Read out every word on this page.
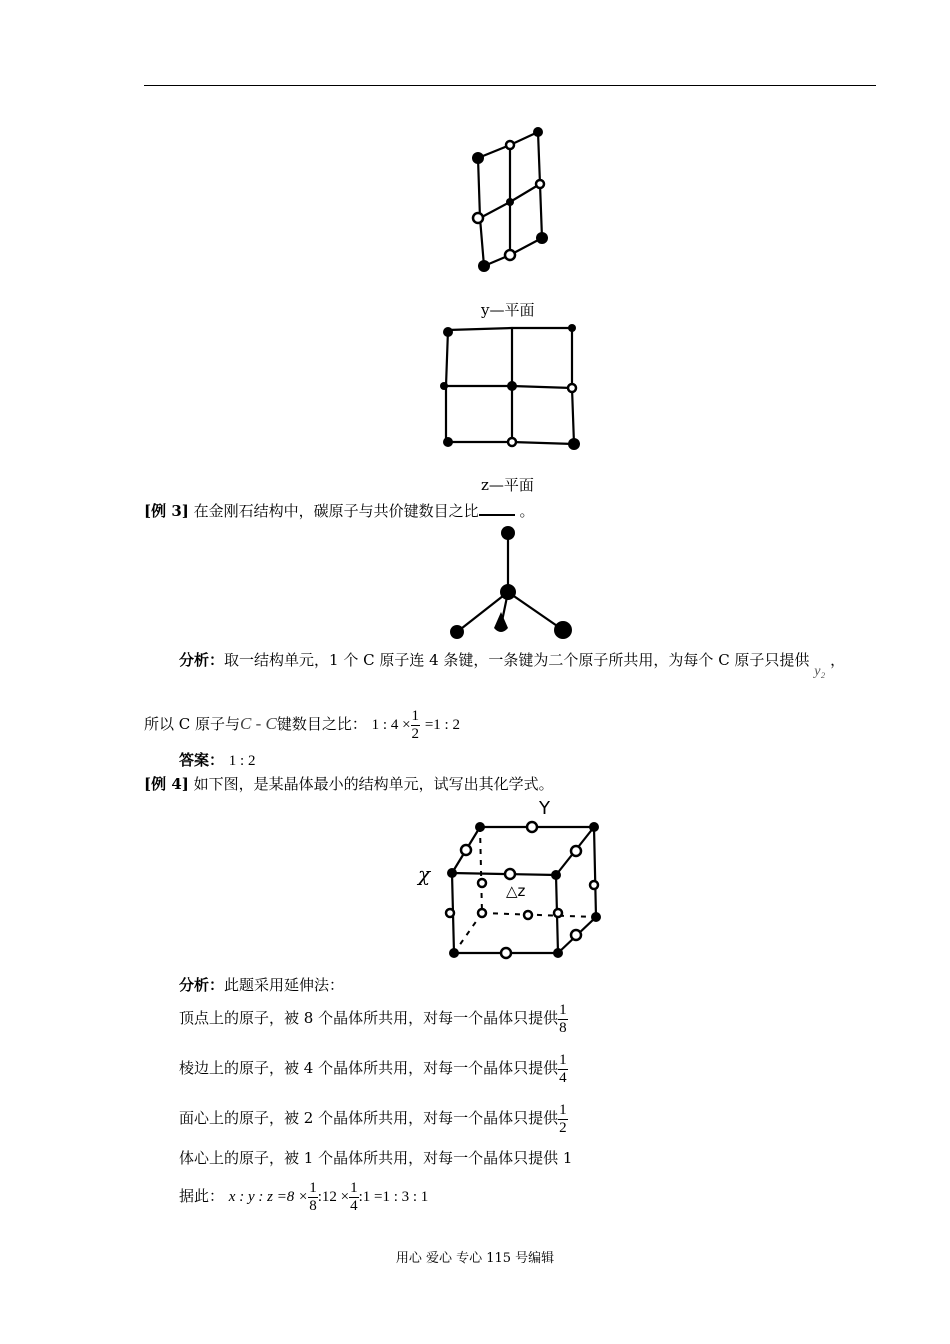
y—平面
z—平面
[例 3] 在金刚石结构中，碳原子与共价键数目之比	。
分析：取一结构单元，1 个 C 原子连 4 条键，一条键为二个原子所共用，为每个 C 原子只提供 y₂ ，
所以 C 原子与C - C键数目之比： 1 : $4 \times \frac{1}{2} =1$ : 2
答案： 1 : 2
[例 4] 如下图，是某晶体最小的结构单元，试写出其化学式。
χ
Y
△z
分析：此题采用延伸法：
顶点上的原子，被 8 个晶体所共用，对每一个晶体只提供 $\frac{1}{8}$
棱边上的原子，被 4 个晶体所共用，对每一个晶体只提供 $\frac{1}{4}$
面心上的原子，被 2 个晶体所共用，对每一个晶体只提供 $\frac{1}{2}$
体心上的原子，被 1 个晶体所共用，对每一个晶体只提供 1
据此： x : y : $z =8 \times \frac{1}{8}$ :12 × $\frac{1}{4}$ :1 =1 : 3 : 1
用心 爱心 专心 115 号编辑
